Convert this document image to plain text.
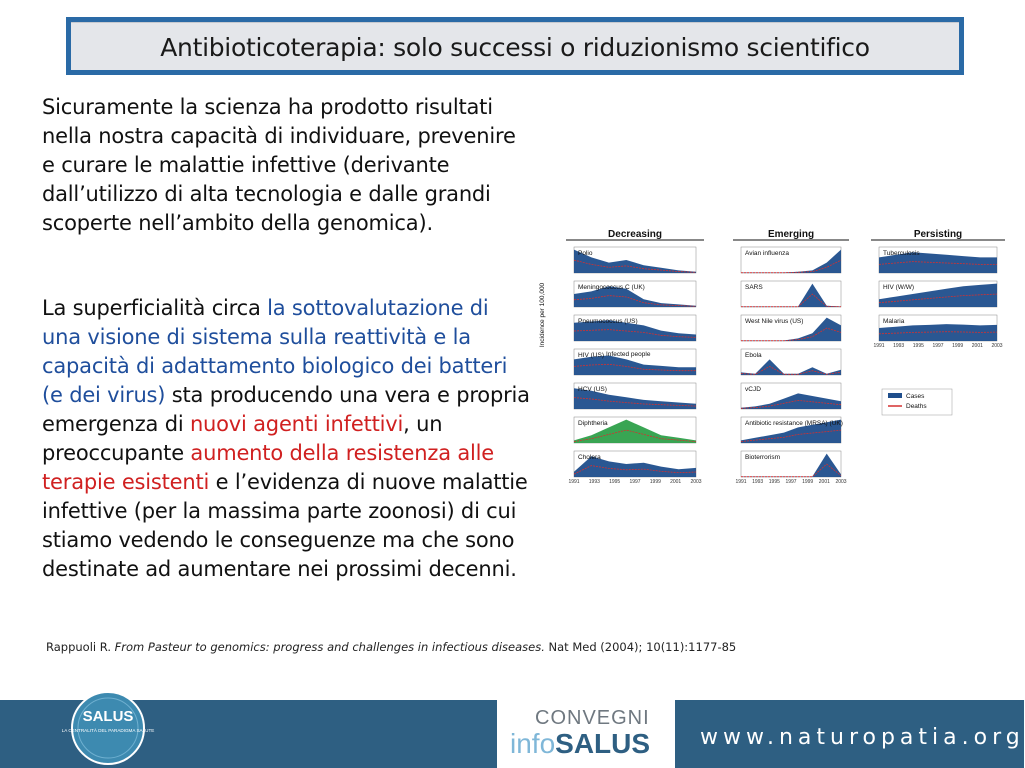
Antibioticoterapia: solo successi o riduzionismo scientifico
Sicuramente la scienza ha prodotto risultati nella nostra capacità di individuare, prevenire e curare le malattie infettive (derivante dall’utilizzo di alta tecnologia e dalle grandi scoperte nell’ambito della genomica).
La superficialità circa la sottovalutazione di una visione di sistema sulla reattività e la capacità di adattamento biologico dei batteri (e dei virus) sta producendo una vera e propria emergenza di nuovi agenti infettivi, un preoccupante aumento della resistenza alle terapie esistenti e l’evidenza di nuove malattie infettive (per la massima parte zoonosi) di cui stiamo vedendo le conseguenze ma che sono destinate ad aumentare nei prossimi decenni.
Rappuoli R. From Pasteur to genomics: progress and challenges in infectious diseases. Nat Med (2004); 10(11):1177-85
Decreasing	Emerging	Persisting
Incidence per 100,000
Polio
Meningococcus C (UK)
Pneumococcus (US)
HIV (US)
HCV (US)
Diphtheria
Cholera
Avian influenza
SARS
West Nile virus (US)
Ebola
vCJD
Antibiotic resistance (MRSA) (UK)
Bioterrorism
Tuberculosis
HIV (W/W)
Malaria
Infected people
1991 1993 1995 1997 1999 2001 2003	1991 1993 1995 1997 1999 2001 2003
1991 1993 1995 1997 1999 2001 2003
Cases
Deaths
SALUS
LA CENTRALITÀ DEL PARADIGMA SALUTE
CONVEGNI
infoSALUS www.naturopatia.org
